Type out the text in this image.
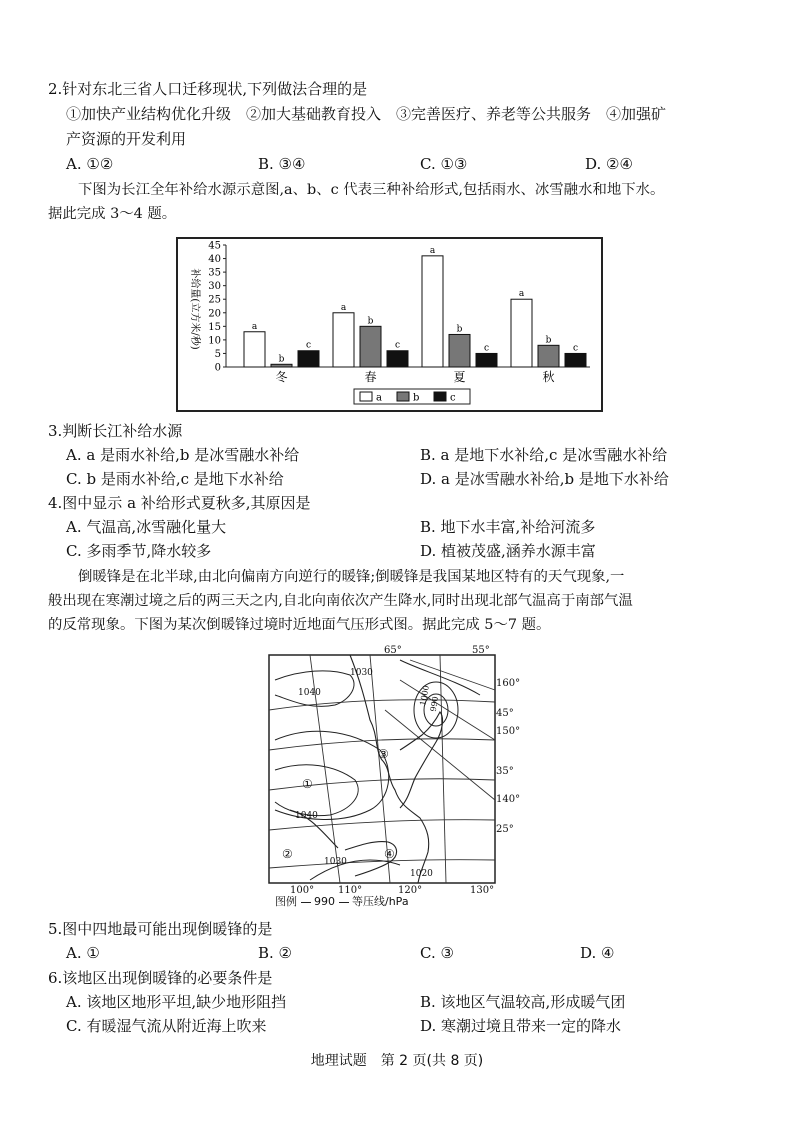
2.针对东北三省人口迁移现状,下列做法合理的是
①加快产业结构优化升级　②加大基础教育投入　③完善医疗、养老等公共服务　④加强矿
产资源的开发利用
A. ①②	B. ③④	C. ①③	D. ②④
下图为长江全年补给水源示意图,a、b、c 代表三种补给形式,包括雨水、冰雪融水和地下水。
据此完成 3～4 题。
补给量(立方米/秒)
0
5
10
15
20
25
30
35
40
45
a
b
c
a
b
c
a
b
c
a
b
c
冬	春	夏	秋
a	b	c
3.判断长江补给水源
A. a 是雨水补给,b 是冰雪融水补给	B. a 是地下水补给,c 是冰雪融水补给
C. b 是雨水补给,c 是地下水补给	D. a 是冰雪融水补给,b 是地下水补给
4.图中显示 a 补给形式夏秋多,其原因是
A. 气温高,冰雪融化量大	B. 地下水丰富,补给河流多
C. 多雨季节,降水较多	D. 植被茂盛,涵养水源丰富
倒暖锋是在北半球,由北向偏南方向逆行的暖锋;倒暖锋是我国某地区特有的天气现象,一
般出现在寒潮过境之后的两三天之内,自北向南依次产生降水,同时出现北部气温高于南部气温
的反常现象。下图为某次倒暖锋过境时近地面气压形式图。据此完成 5～7 题。
65°	55°
160°
45°
150°
35°
140°
25°
100° 110°	120°	130°
1040
1030
1040
1030
1020
1000
990
①
②
③
④
图例 990 等压线/hPa
5.图中四地最可能出现倒暖锋的是
A. ①	B. ②	C. ③	D. ④
6.该地区出现倒暖锋的必要条件是
A. 该地区地形平坦,缺少地形阻挡	B. 该地区气温较高,形成暖气团
C. 有暖湿气流从附近海上吹来	D. 寒潮过境且带来一定的降水
地理试题　第 2 页(共 8 页)
